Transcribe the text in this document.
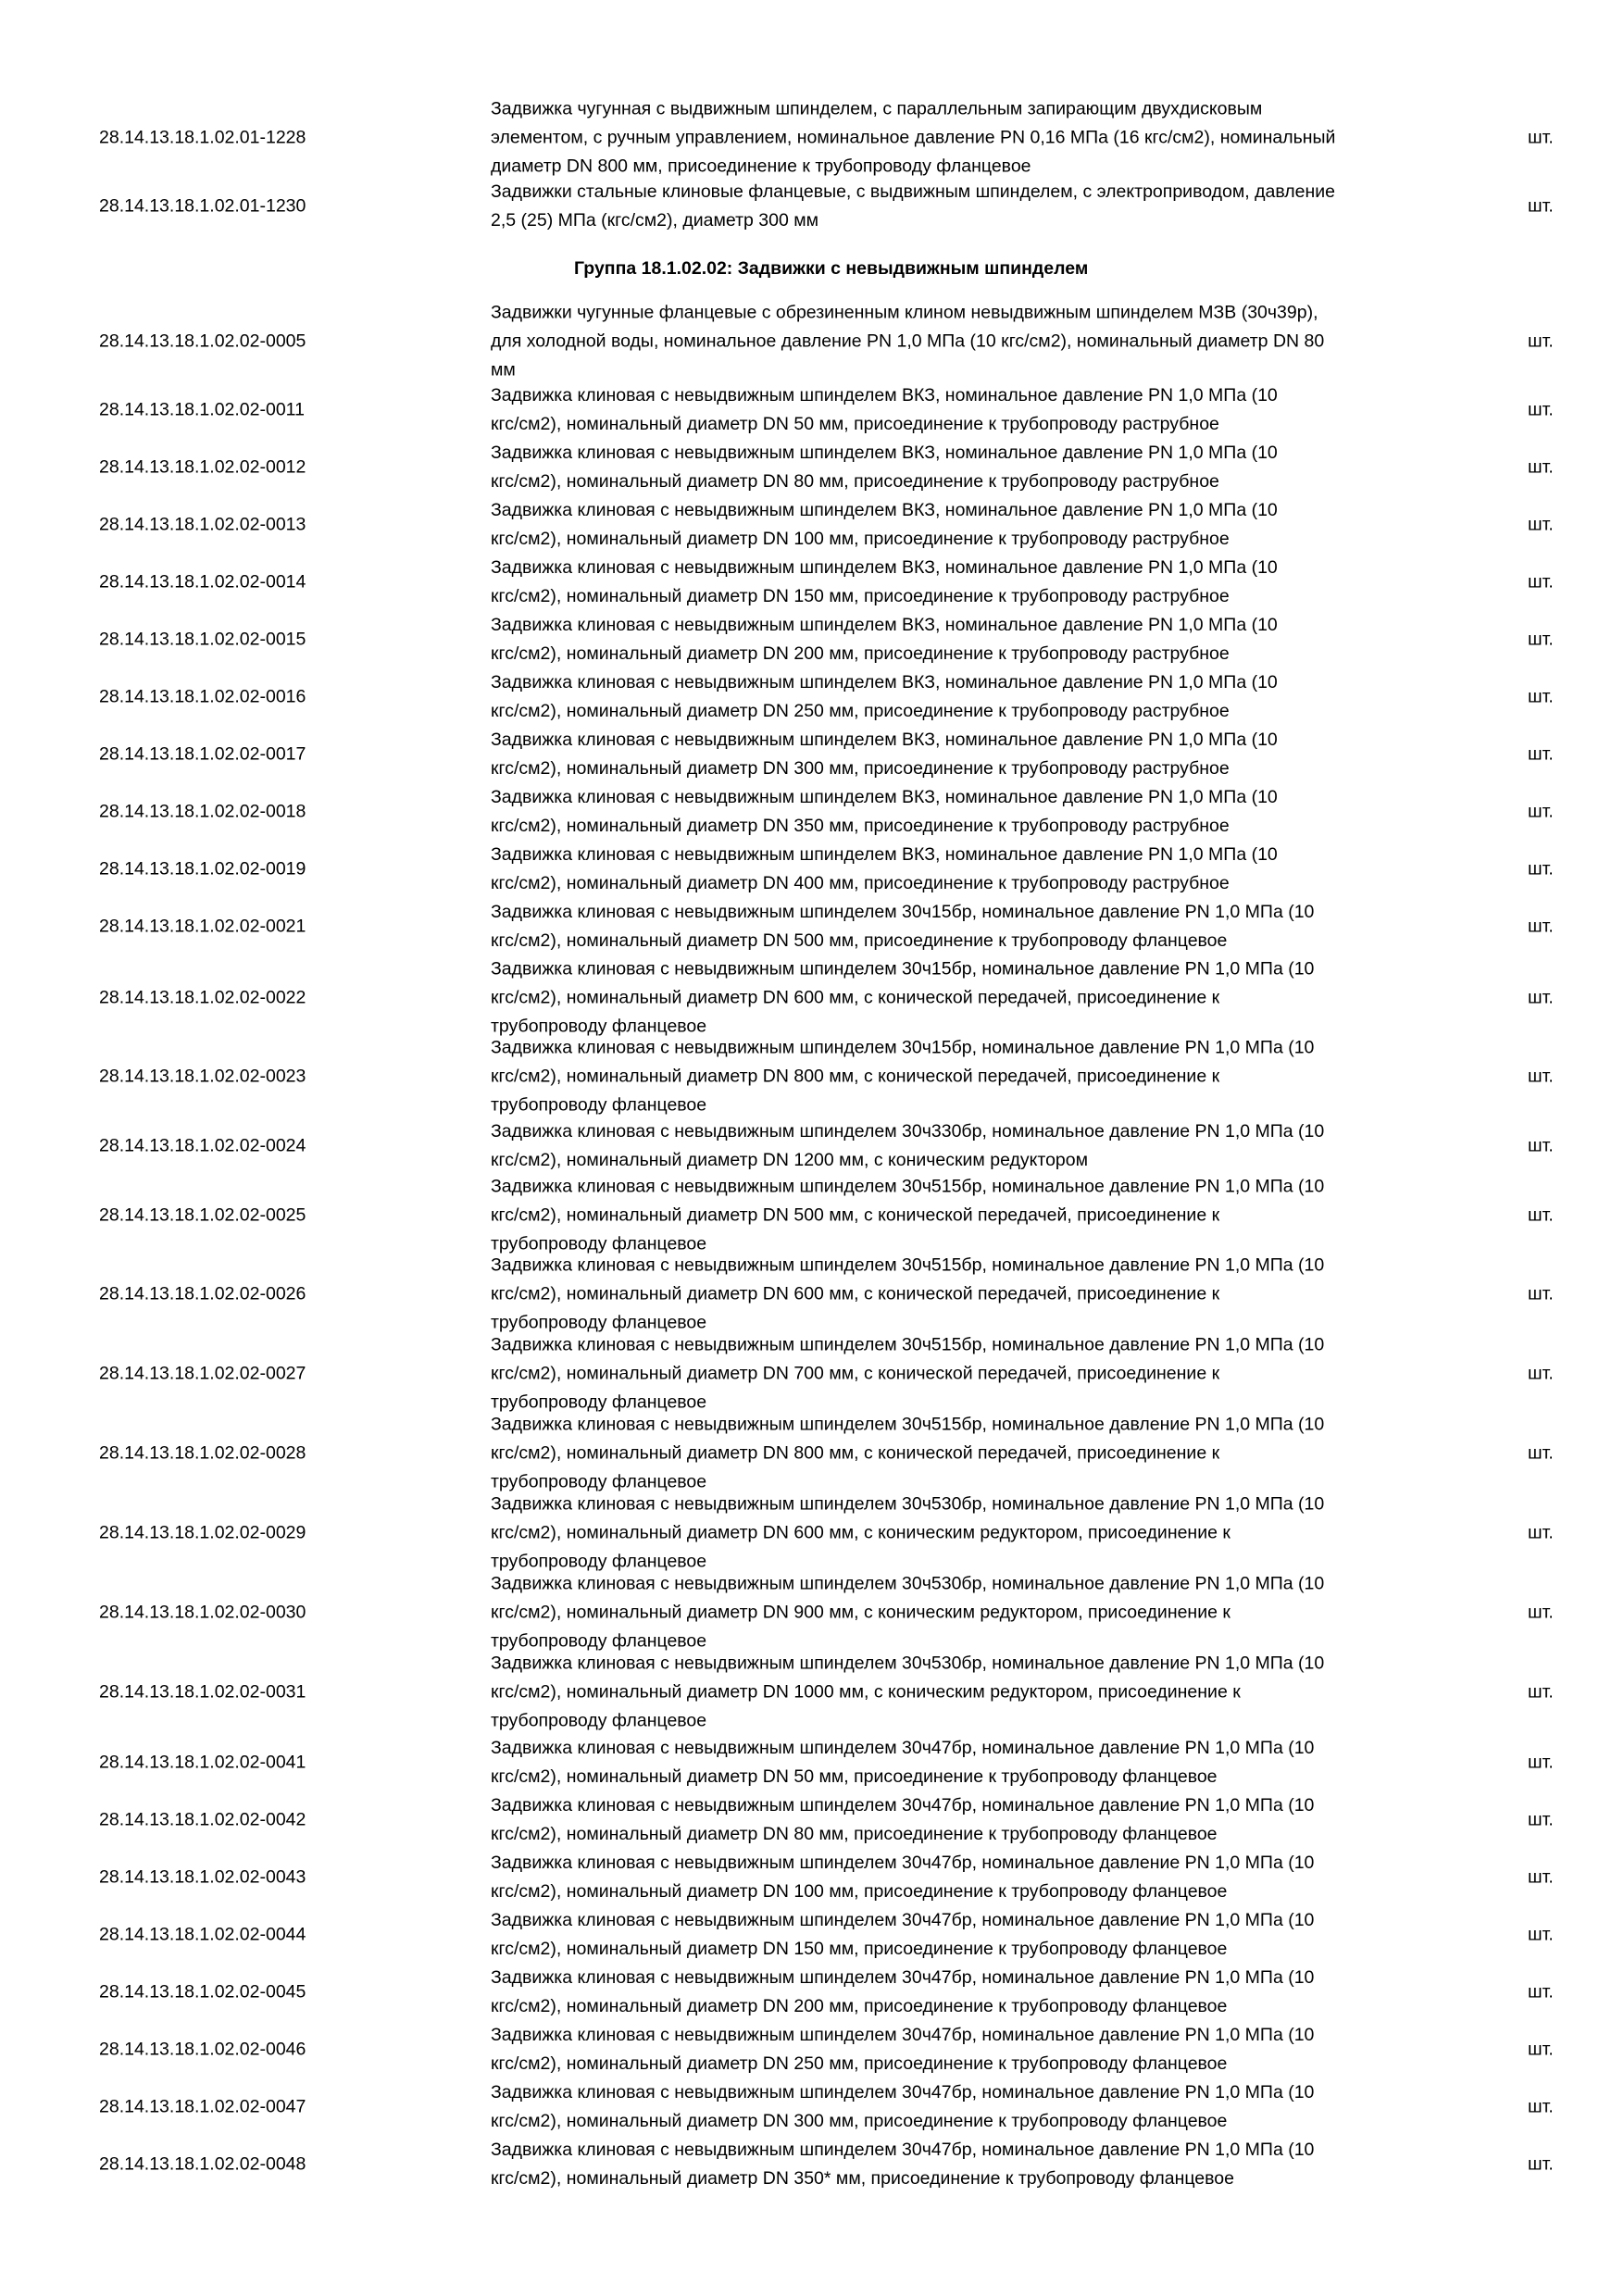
Группа 18.1.02.02: Задвижки с невыдвижным шпинделем
28.14.13.18.1.02.01-1228
Задвижка чугунная с выдвижным шпинделем, с параллельным запирающим двухдисковым
элементом, с ручным управлением, номинальное давление PN 0,16 МПа (16 кгс/см2), номинальный
диаметр DN 800 мм, присоединение к трубопроводу фланцевое
шт.
28.14.13.18.1.02.01-1230
Задвижки стальные клиновые фланцевые, с выдвижным шпинделем, с электроприводом, давление
2,5 (25) МПа (кгс/см2), диаметр 300 мм
шт.
28.14.13.18.1.02.02-0005
Задвижки чугунные фланцевые с обрезиненным клином невыдвижным шпинделем МЗВ (30ч39р),
для холодной воды, номинальное давление PN 1,0 МПа (10 кгс/см2), номинальный диаметр DN 80
мм
шт.
28.14.13.18.1.02.02-0011
Задвижка клиновая с невыдвижным шпинделем ВКЗ, номинальное давление PN 1,0 МПа (10
кгс/см2), номинальный диаметр DN 50 мм, присоединение к трубопроводу раструбное
шт.
28.14.13.18.1.02.02-0012
Задвижка клиновая с невыдвижным шпинделем ВКЗ, номинальное давление PN 1,0 МПа (10
кгс/см2), номинальный диаметр DN 80 мм, присоединение к трубопроводу раструбное
шт.
28.14.13.18.1.02.02-0013
Задвижка клиновая с невыдвижным шпинделем ВКЗ, номинальное давление PN 1,0 МПа (10
кгс/см2), номинальный диаметр DN 100 мм, присоединение к трубопроводу раструбное
шт.
28.14.13.18.1.02.02-0014
Задвижка клиновая с невыдвижным шпинделем ВКЗ, номинальное давление PN 1,0 МПа (10
кгс/см2), номинальный диаметр DN 150 мм, присоединение к трубопроводу раструбное
шт.
28.14.13.18.1.02.02-0015
Задвижка клиновая с невыдвижным шпинделем ВКЗ, номинальное давление PN 1,0 МПа (10
кгс/см2), номинальный диаметр DN 200 мм, присоединение к трубопроводу раструбное
шт.
28.14.13.18.1.02.02-0016
Задвижка клиновая с невыдвижным шпинделем ВКЗ, номинальное давление PN 1,0 МПа (10
кгс/см2), номинальный диаметр DN 250 мм, присоединение к трубопроводу раструбное
шт.
28.14.13.18.1.02.02-0017
Задвижка клиновая с невыдвижным шпинделем ВКЗ, номинальное давление PN 1,0 МПа (10
кгс/см2), номинальный диаметр DN 300 мм, присоединение к трубопроводу раструбное
шт.
28.14.13.18.1.02.02-0018
Задвижка клиновая с невыдвижным шпинделем ВКЗ, номинальное давление PN 1,0 МПа (10
кгс/см2), номинальный диаметр DN 350 мм, присоединение к трубопроводу раструбное
шт.
28.14.13.18.1.02.02-0019
Задвижка клиновая с невыдвижным шпинделем ВКЗ, номинальное давление PN 1,0 МПа (10
кгс/см2), номинальный диаметр DN 400 мм, присоединение к трубопроводу раструбное
шт.
28.14.13.18.1.02.02-0021
Задвижка клиновая с невыдвижным шпинделем 30ч15бр, номинальное давление PN 1,0 МПа (10
кгс/см2), номинальный диаметр DN 500 мм, присоединение к трубопроводу фланцевое
шт.
28.14.13.18.1.02.02-0022
Задвижка клиновая с невыдвижным шпинделем 30ч15бр, номинальное давление PN 1,0 МПа (10
кгс/см2), номинальный диаметр DN 600 мм, с конической передачей, присоединение к
трубопроводу фланцевое
шт.
28.14.13.18.1.02.02-0023
Задвижка клиновая с невыдвижным шпинделем 30ч15бр, номинальное давление PN 1,0 МПа (10
кгс/см2), номинальный диаметр DN 800 мм, с конической передачей, присоединение к
трубопроводу фланцевое
шт.
28.14.13.18.1.02.02-0024
Задвижка клиновая с невыдвижным шпинделем 30ч330бр, номинальное давление PN 1,0 МПа (10
кгс/см2), номинальный диаметр DN 1200 мм, с коническим редуктором
шт.
28.14.13.18.1.02.02-0025
Задвижка клиновая с невыдвижным шпинделем 30ч515бр, номинальное давление PN 1,0 МПа (10
кгс/см2), номинальный диаметр DN 500 мм, с конической передачей, присоединение к
трубопроводу фланцевое
шт.
28.14.13.18.1.02.02-0026
Задвижка клиновая с невыдвижным шпинделем 30ч515бр, номинальное давление PN 1,0 МПа (10
кгс/см2), номинальный диаметр DN 600 мм, с конической передачей, присоединение к
трубопроводу фланцевое
шт.
28.14.13.18.1.02.02-0027
Задвижка клиновая с невыдвижным шпинделем 30ч515бр, номинальное давление PN 1,0 МПа (10
кгс/см2), номинальный диаметр DN 700 мм, с конической передачей, присоединение к
трубопроводу фланцевое
шт.
28.14.13.18.1.02.02-0028
Задвижка клиновая с невыдвижным шпинделем 30ч515бр, номинальное давление PN 1,0 МПа (10
кгс/см2), номинальный диаметр DN 800 мм, с конической передачей, присоединение к
трубопроводу фланцевое
шт.
28.14.13.18.1.02.02-0029
Задвижка клиновая с невыдвижным шпинделем 30ч530бр, номинальное давление PN 1,0 МПа (10
кгс/см2), номинальный диаметр DN 600 мм, с коническим редуктором, присоединение к
трубопроводу фланцевое
шт.
28.14.13.18.1.02.02-0030
Задвижка клиновая с невыдвижным шпинделем 30ч530бр, номинальное давление PN 1,0 МПа (10
кгс/см2), номинальный диаметр DN 900 мм, с коническим редуктором, присоединение к
трубопроводу фланцевое
шт.
28.14.13.18.1.02.02-0031
Задвижка клиновая с невыдвижным шпинделем 30ч530бр, номинальное давление PN 1,0 МПа (10
кгс/см2), номинальный диаметр DN 1000 мм, с коническим редуктором, присоединение к
трубопроводу фланцевое
шт.
28.14.13.18.1.02.02-0041
Задвижка клиновая с невыдвижным шпинделем 30ч47бр, номинальное давление PN 1,0 МПа (10
кгс/см2), номинальный диаметр DN 50 мм, присоединение к трубопроводу фланцевое
шт.
28.14.13.18.1.02.02-0042
Задвижка клиновая с невыдвижным шпинделем 30ч47бр, номинальное давление PN 1,0 МПа (10
кгс/см2), номинальный диаметр DN 80 мм, присоединение к трубопроводу фланцевое
шт.
28.14.13.18.1.02.02-0043
Задвижка клиновая с невыдвижным шпинделем 30ч47бр, номинальное давление PN 1,0 МПа (10
кгс/см2), номинальный диаметр DN 100 мм, присоединение к трубопроводу фланцевое
шт.
28.14.13.18.1.02.02-0044
Задвижка клиновая с невыдвижным шпинделем 30ч47бр, номинальное давление PN 1,0 МПа (10
кгс/см2), номинальный диаметр DN 150 мм, присоединение к трубопроводу фланцевое
шт.
28.14.13.18.1.02.02-0045
Задвижка клиновая с невыдвижным шпинделем 30ч47бр, номинальное давление PN 1,0 МПа (10
кгс/см2), номинальный диаметр DN 200 мм, присоединение к трубопроводу фланцевое
шт.
28.14.13.18.1.02.02-0046
Задвижка клиновая с невыдвижным шпинделем 30ч47бр, номинальное давление PN 1,0 МПа (10
кгс/см2), номинальный диаметр DN 250 мм, присоединение к трубопроводу фланцевое
шт.
28.14.13.18.1.02.02-0047
Задвижка клиновая с невыдвижным шпинделем 30ч47бр, номинальное давление PN 1,0 МПа (10
кгс/см2), номинальный диаметр DN 300 мм, присоединение к трубопроводу фланцевое
шт.
28.14.13.18.1.02.02-0048
Задвижка клиновая с невыдвижным шпинделем 30ч47бр, номинальное давление PN 1,0 МПа (10
кгс/см2), номинальный диаметр DN 350* мм, присоединение к трубопроводу фланцевое
шт.
